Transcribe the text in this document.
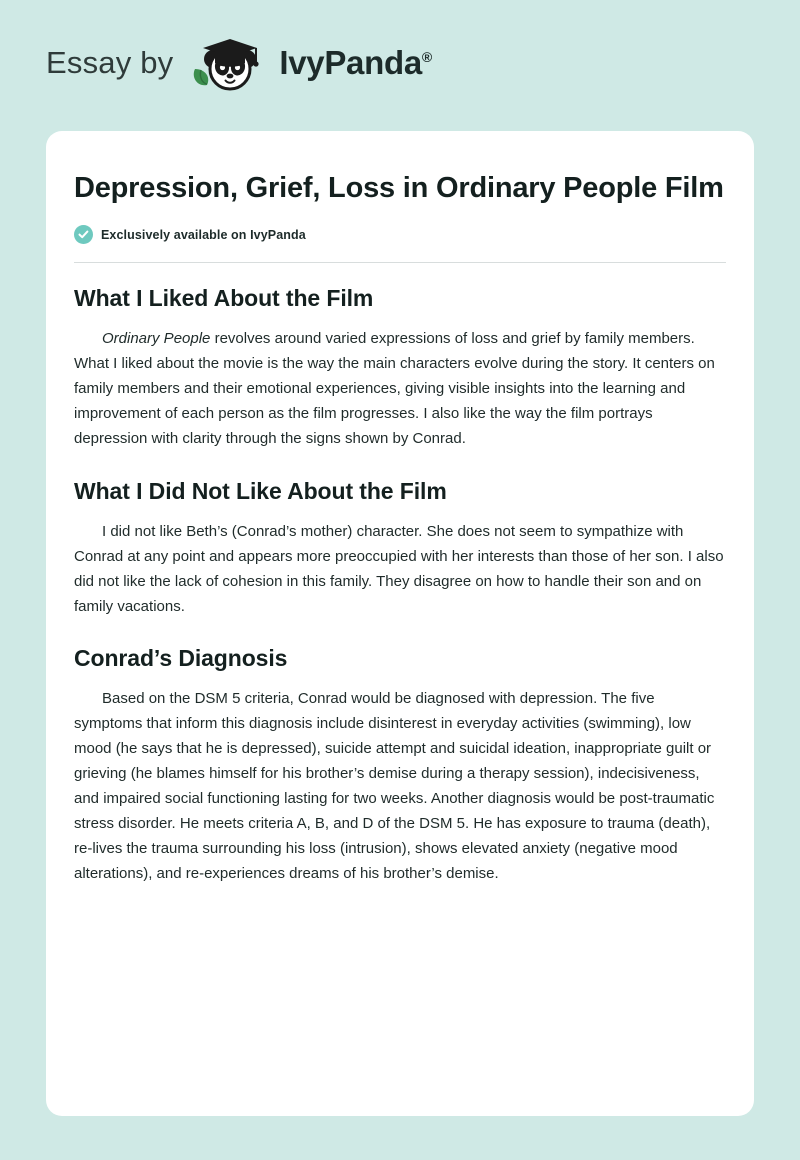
Essay by	IvyPanda®
Depression, Grief, Loss in Ordinary People Film
Exclusively available on IvyPanda
What I Liked About the Film

Ordinary People revolves around varied expressions of loss and grief by family members. What I liked about the movie is the way the main characters evolve during the story. It centers on family members and their emotional experiences, giving visible insights into the learning and improvement of each person as the film progresses. I also like the way the film portrays depression with clarity through the signs shown by Conrad.

What I Did Not Like About the Film

I did not like Beth’s (Conrad’s mother) character. She does not seem to sympathize with Conrad at any point and appears more preoccupied with her interests than those of her son. I also did not like the lack of cohesion in this family. They disagree on how to handle their son and on family vacations.

Conrad’s Diagnosis

Based on the DSM 5 criteria, Conrad would be diagnosed with depression. The five symptoms that inform this diagnosis include disinterest in everyday activities (swimming), low mood (he says that he is depressed), suicide attempt and suicidal ideation, inappropriate guilt or grieving (he blames himself for his brother’s demise during a therapy session), indecisiveness, and impaired social functioning lasting for two weeks. Another diagnosis would be post-traumatic stress disorder. He meets criteria A, B, and D of the DSM 5. He has exposure to trauma (death), re-lives the trauma surrounding his loss (intrusion), shows elevated anxiety (negative mood alterations), and re-experiences dreams of his brother’s demise.
